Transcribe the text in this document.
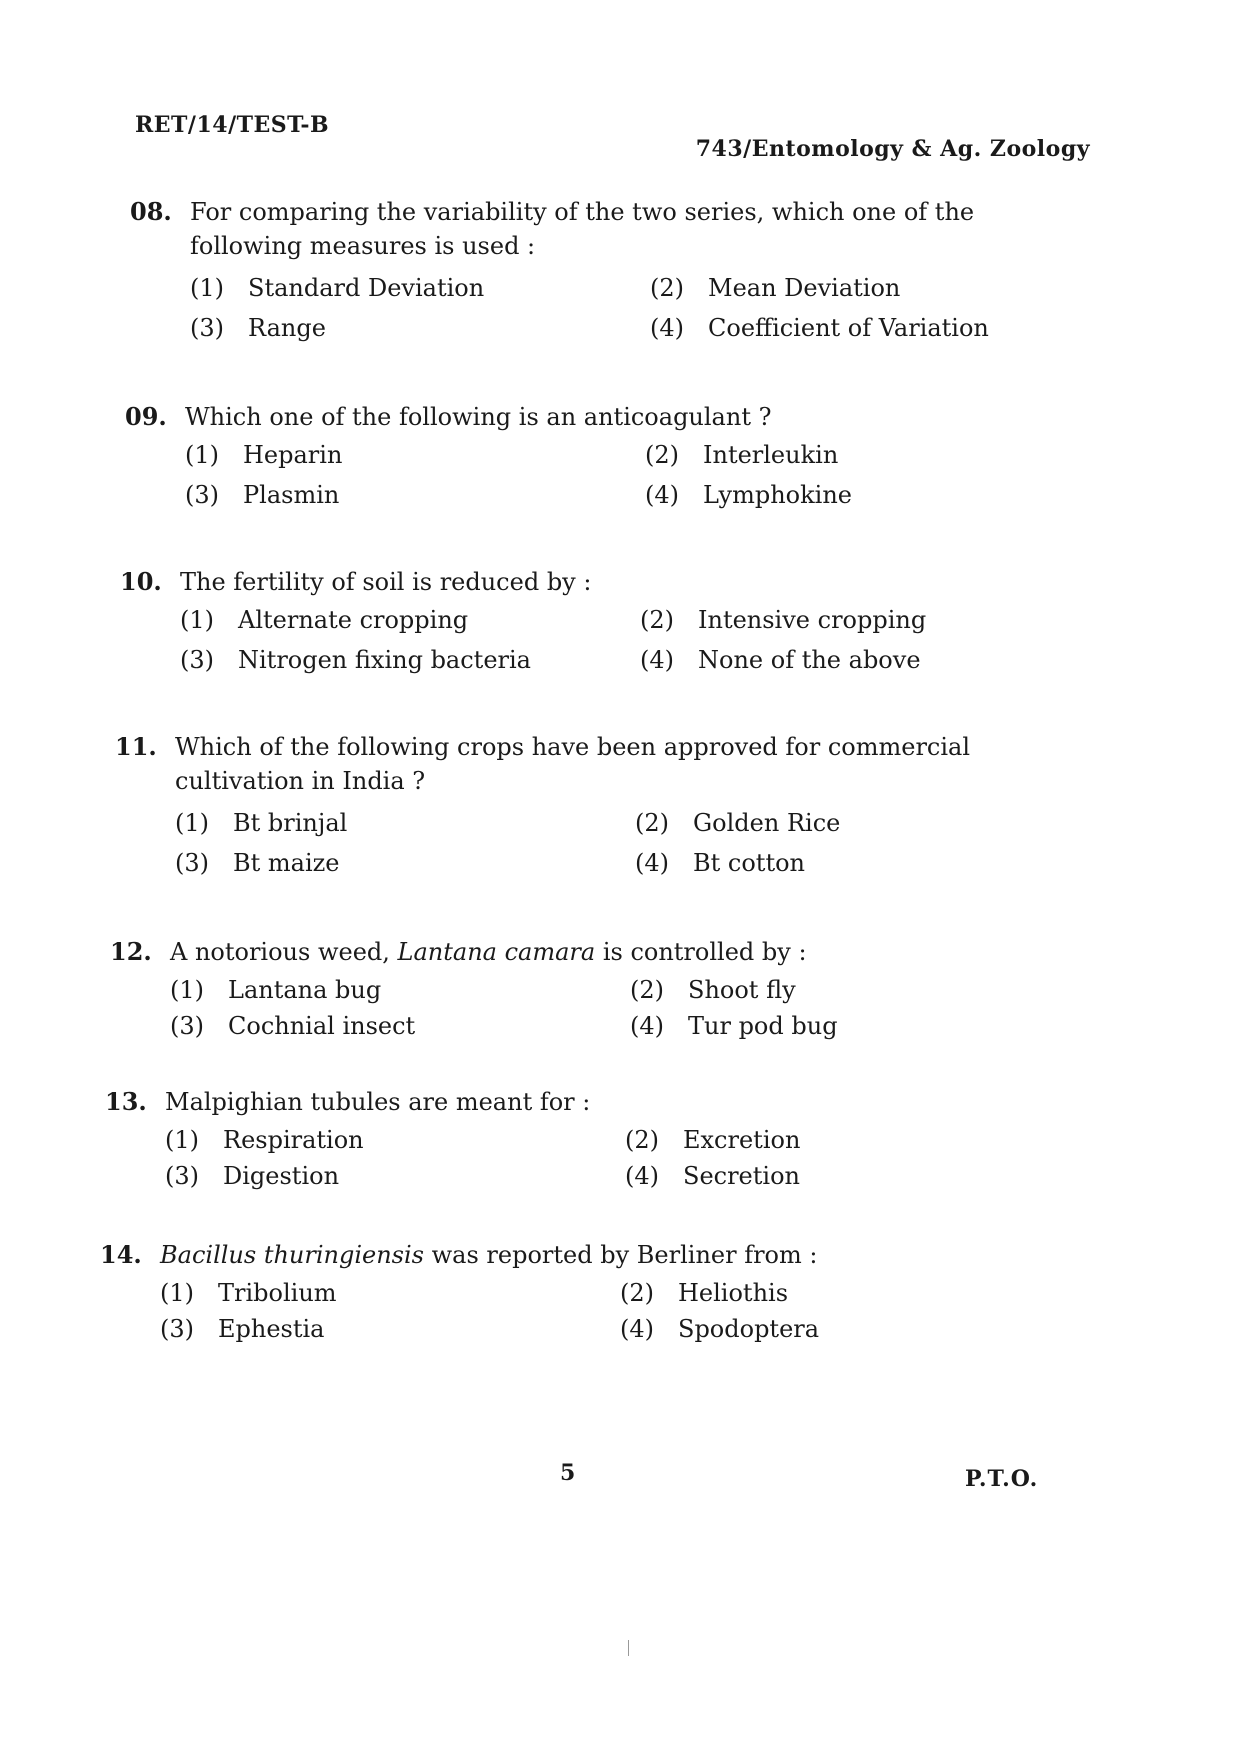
RET/14/TEST-B
743/Entomology & Ag. Zoology
08. For comparing the variability of the two series, which one of the following measures is used :
(1)	Standard Deviation	(2)	Mean Deviation
(3)	Range	(4)	Coefficient of Variation
09. Which one of the following is an anticoagulant ?
(1)	Heparin	(2)	Interleukin
(3)	Plasmin	(4)	Lymphokine
10. The fertility of soil is reduced by :
(1)	Alternate cropping	(2)	Intensive cropping
(3)	Nitrogen fixing bacteria	(4)	None of the above
11. Which of the following crops have been approved for commercial cultivation in India ?
(1)	Bt brinjal	(2)	Golden Rice
(3)	Bt maize	(4)	Bt cotton
12. A notorious weed, Lantana camara is controlled by :
(1)	Lantana bug	(2)	Shoot fly
(3)	Cochnial insect	(4)	Tur pod bug
13. Malpighian tubules are meant for :
(1)	Respiration	(2)	Excretion
(3)	Digestion	(4)	Secretion
14. Bacillus thuringiensis was reported by Berliner from :
(1)	Tribolium	(2)	Heliothis
(3)	Ephestia	(4)	Spodoptera
5	P.T.O.
